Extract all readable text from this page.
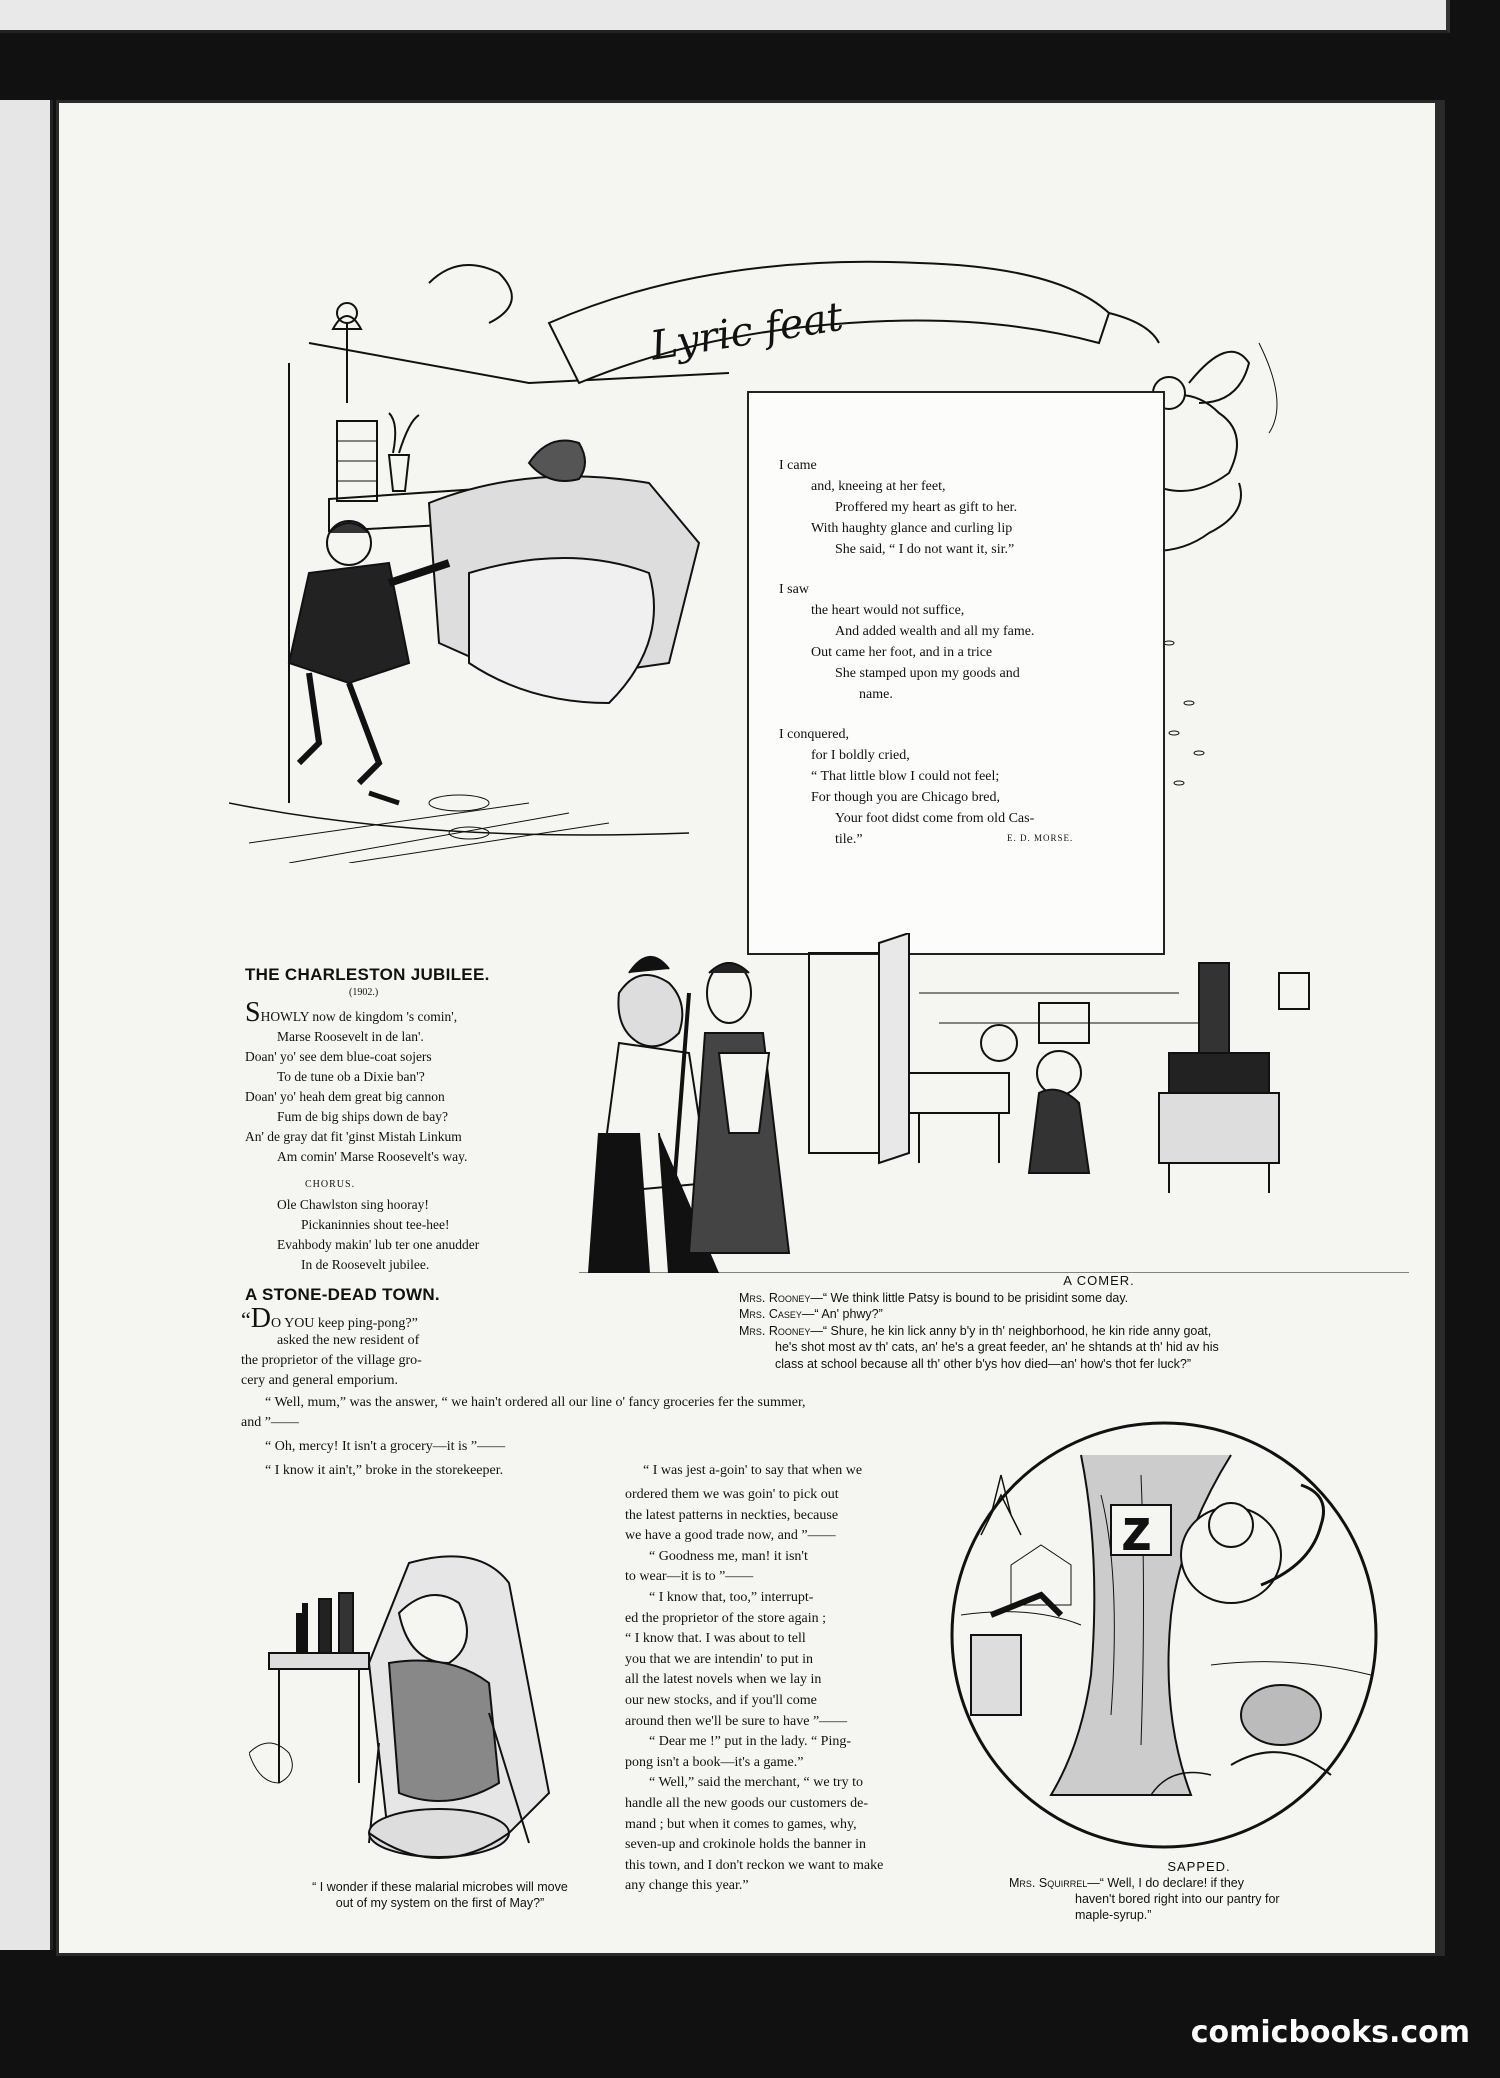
Lyric feat
I came
and, kneeing at her feet,
Proffered my heart as gift to her.
With haughty glance and curling lip
She said, “ I do not want it, sir.”
I saw
the heart would not suffice,
And added wealth and all my fame.
Out came her foot, and in a trice
She stamped upon my goods and
name.
I conquered,
for I boldly cried,
“ That little blow I could not feel;
For though you are Chicago bred,
Your foot didst come from old Cas-
tile.”	E. D. MORSE.
THE CHARLESTON JUBILEE.
(1902.)
SHOWLY now de kingdom 's comin',
Marse Roosevelt in de lan'.
Doan' yo' see dem blue-coat sojers
To de tune ob a Dixie ban'?
Doan' yo' heah dem great big cannon
Fum de big ships down de bay?
An' de gray dat fit 'ginst Mistah Linkum
Am comin' Marse Roosevelt's way.
CHORUS.
Ole Chawlston sing hooray!
Pickaninnies shout tee-hee!
Evahbody makin' lub ter one anudder
In de Roosevelt jubilee.
A COMER.
Mrs. Rooney—“ We think little Patsy is bound to be prisidint some day.
Mrs. Casey—“ An' phwy?”
Mrs. Rooney—“ Shure, he kin lick anny b'y in th' neighborhood, he kin ride anny goat,
he's shot most av th' cats, an' he's a great feeder, an' he shtands at th' hid av his
class at school because all th' other b'ys hov died—an' how's thot fer luck?”
A STONE-DEAD TOWN.
“DO YOU keep ping-pong?”
asked the new resident of
the proprietor of the village gro-
cery and general emporium.
“ Well, mum,” was the answer, “ we hain't ordered all our line o' fancy groceries fer the summer,
and ”——
“ Oh, mercy! It isn't a grocery—it is ”——
“ I know it ain't,” broke in the storekeeper.	“ I was jest a-goin' to say that when we
ordered them we was goin' to pick out
the latest patterns in neckties, because
we have a good trade now, and ”——
“ Goodness me, man! it isn't
to wear—it is to ”——
“ I know that, too,” interrupt-
ed the proprietor of the store again ;
“ I know that. I was about to tell
you that we are intendin' to put in
all the latest novels when we lay in
our new stocks, and if you'll come
around then we'll be sure to have ”——
“ Dear me !” put in the lady. “ Ping-
pong isn't a book—it's a game.”
“ Well,” said the merchant, “ we try to
handle all the new goods our customers de-
mand ; but when it comes to games, why,
seven-up and crokinole holds the banner in
this town, and I don't reckon we want to make
any change this year.”

“ I wonder if these malarial microbes will move
out of my system on the first of May?”
Z
SAPPED.
Mrs. Squirrel—“ Well, I do declare! if they
haven't bored right into our pantry for
maple-syrup.”
comicbooks.com
